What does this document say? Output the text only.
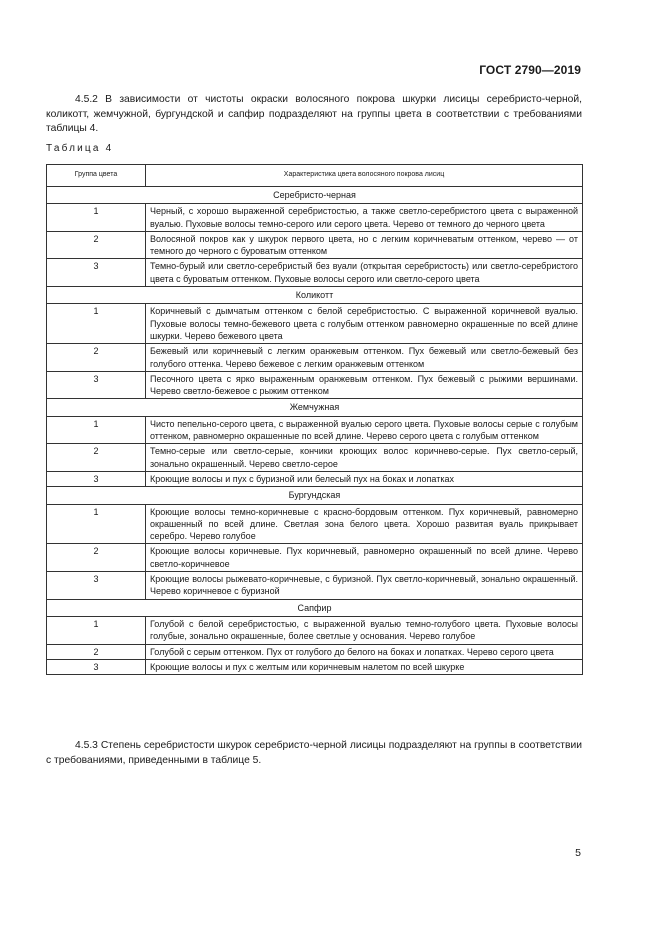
ГОСТ 2790—2019

4.5.2 В зависимости от чистоты окраски волосяного покрова шкурки лисицы серебристо-черной, коликотт, жемчужной, бургундской и сапфир подразделяют на группы цвета в соответствии с требованиями таблицы 4.

Таблица 4
Группа цвета	Характеристика цвета волосяного покрова лисиц
Серебристо-черная	
1	Черный, с хорошо выраженной серебристостью, а также светло-серебристого цвета с выраженной вуалью. Пуховые волосы темно-серого или серого цвета. Черево от темного до черного цвета
2	Волосяной покров как у шкурок первого цвета, но с легким коричневатым оттенком, черево — от темного до черного с буроватым оттенком
3	Темно-бурый или светло-серебристый без вуали (открытая серебристость) или светло-серебристого цвета с буроватым оттенком. Пуховые волосы серого или светло-серого цвета
Коликотт	
1	Коричневый с дымчатым оттенком с белой серебристостью. С выраженной коричневой вуалью. Пуховые волосы темно-бежевого цвета с голубым оттенком равномерно окрашенные по всей длине шкурки. Черево бежевого цвета
2	Бежевый или коричневый с легким оранжевым оттенком. Пух бежевый или светло-бежевый без голубого оттенка. Черево бежевое с легким оранжевым оттенком
3	Песочного цвета с ярко выраженным оранжевым оттенком. Пух бежевый с рыжими вершинами. Черево светло-бежевое с рыжим оттенком
Жемчужная	
1	Чисто пепельно-серого цвета, с выраженной вуалью серого цвета. Пуховые волосы серые с голубым оттенком, равномерно окрашенные по всей длине. Черево серого цвета с голубым оттенком
2	Темно-серые или светло-серые, кончики кроющих волос коричнево-серые. Пух светло-серый, зонально окрашенный. Черево светло-серое
3	Кроющие волосы и пух с буризной или белесый пух на боках и лопатках
Бургундская	
1	Кроющие волосы темно-коричневые с красно-бордовым оттенком. Пух коричневый, равномерно окрашенный по всей длине. Светлая зона белого цвета. Хорошо развитая вуаль прикрывает серебро. Черево голубое
2	Кроющие волосы коричневые. Пух коричневый, равномерно окрашенный по всей длине. Черево светло-коричневое
3	Кроющие волосы рыжевато-коричневые, с буризной. Пух светло-коричневый, зонально окрашенный. Черево коричневое с буризной
Сапфир	
1	Голубой с белой серебристостью, с выраженной вуалью темно-голубого цвета. Пуховые волосы голубые, зонально окрашенные, более светлые у основания. Черево голубое
2	Голубой с серым оттенком. Пух от голубого до белого на боках и лопатках. Черево серого цвета
3	Кроющие волосы и пух с желтым или коричневым налетом по всей шкурке

4.5.3 Степень серебристости шкурок серебристо-черной лисицы подразделяют на группы в соответствии с требованиями, приведенными в таблице 5.

5
